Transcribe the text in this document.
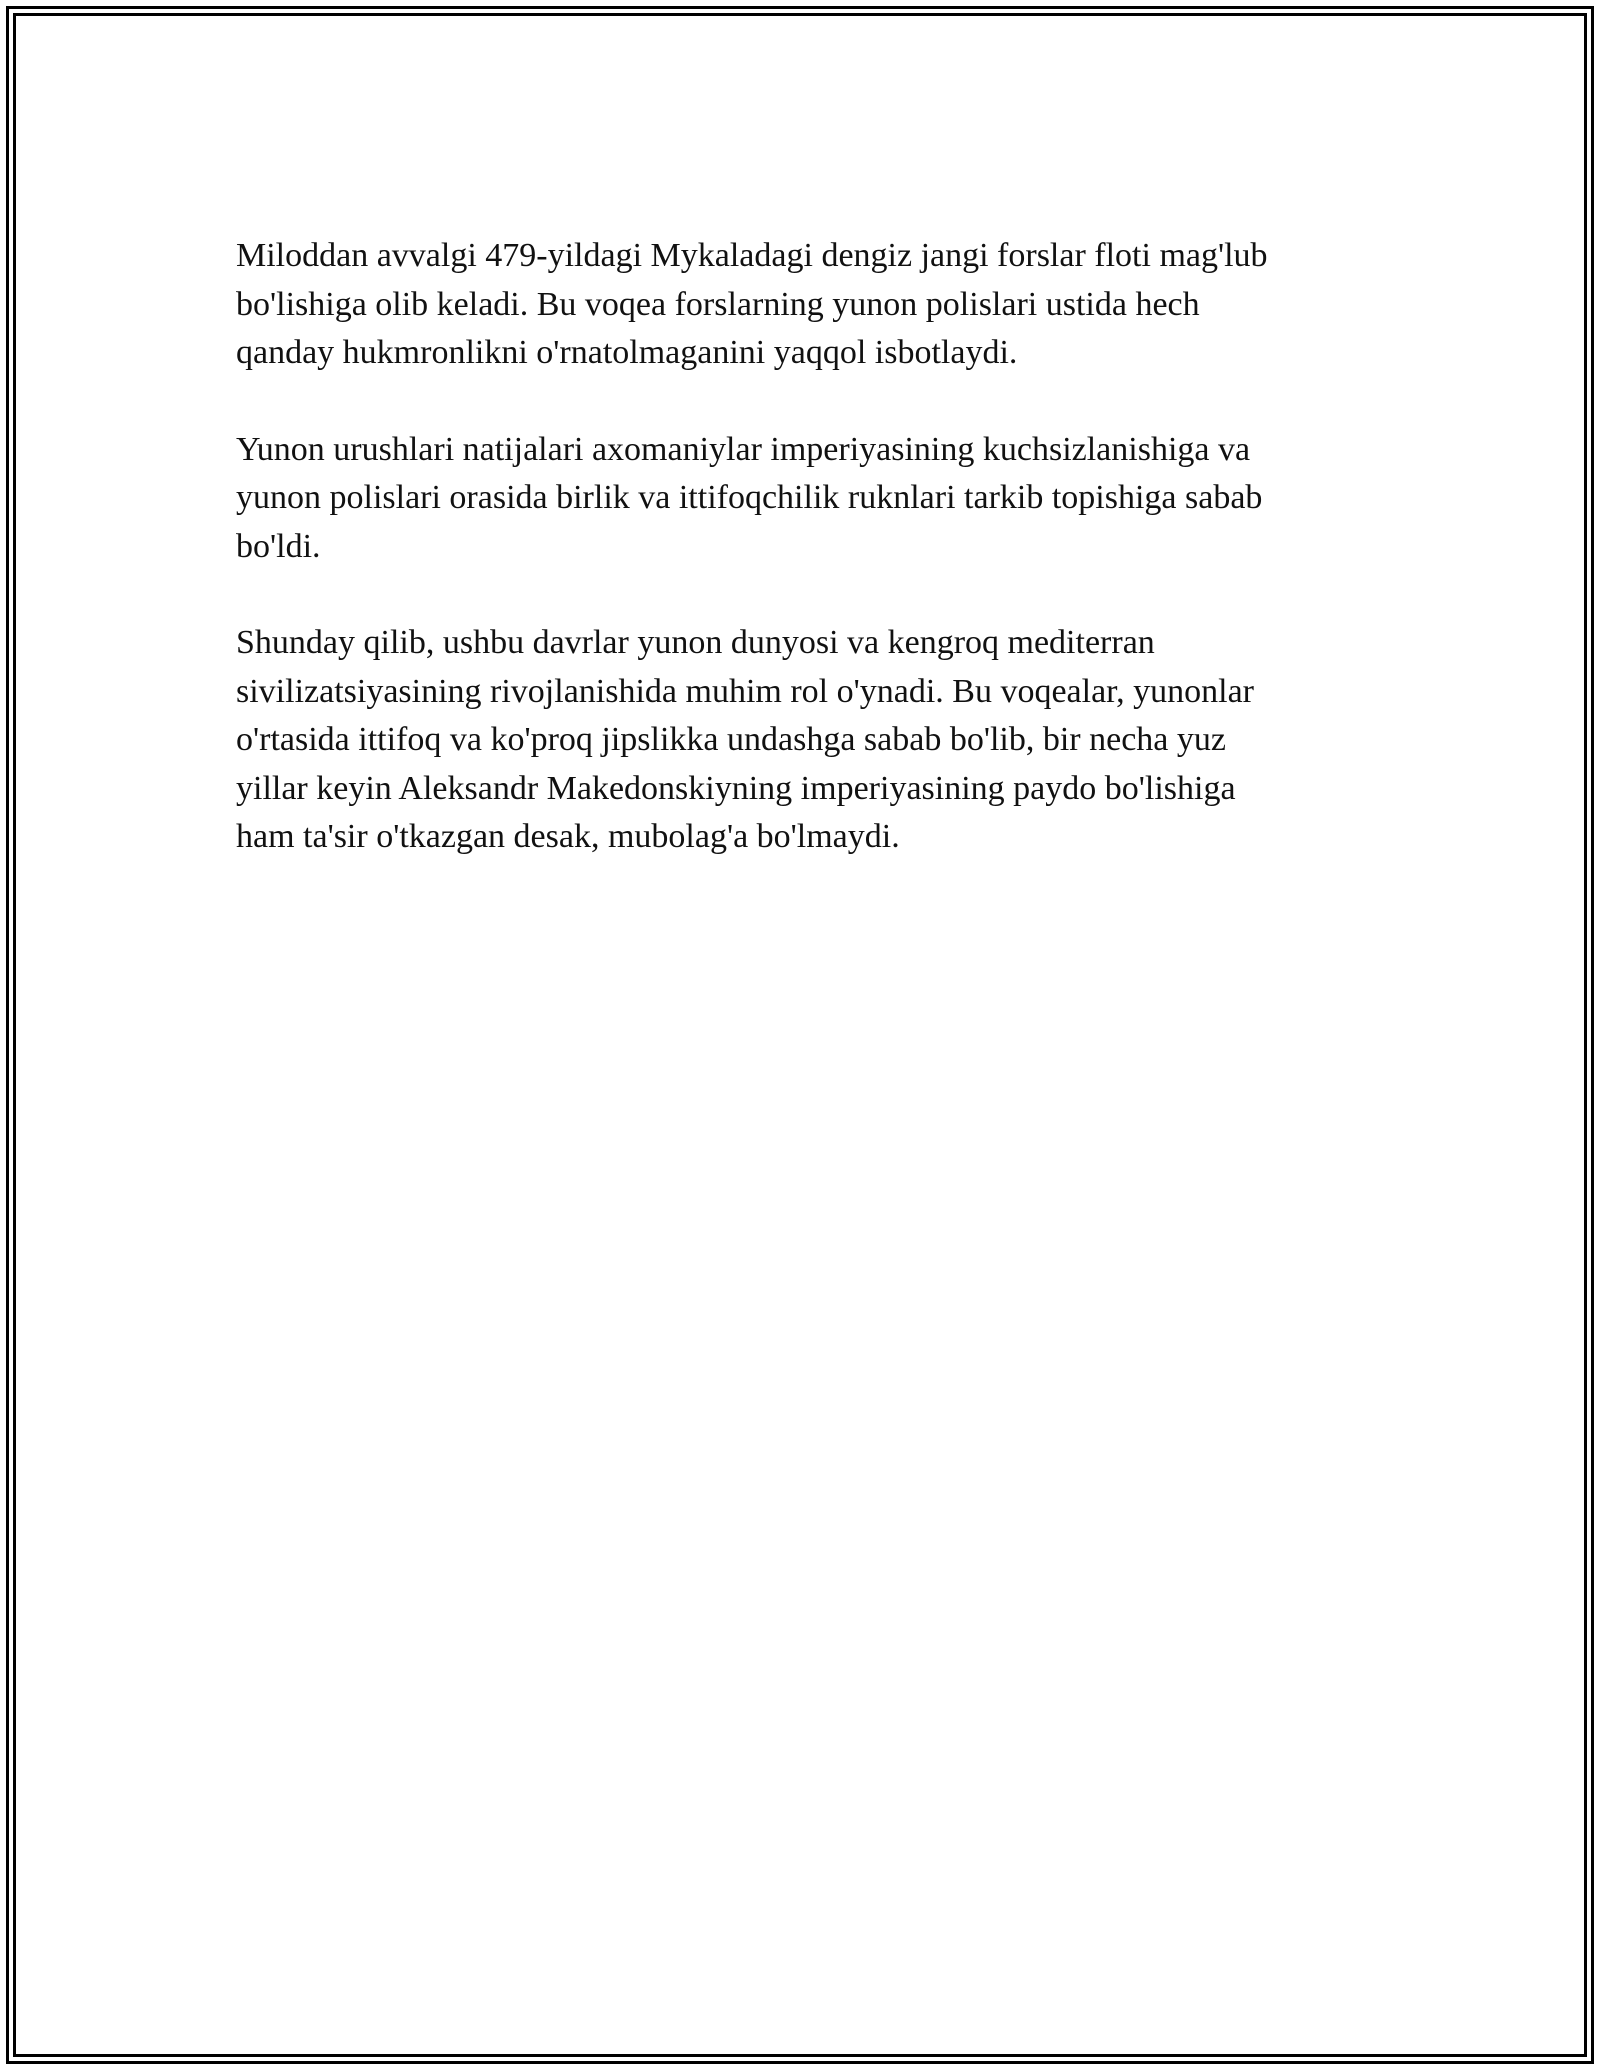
Miloddan avvalgi 479-yildagi Mykaladagi dengiz jangi forslar floti mag'lub
bo'lishiga olib keladi. Bu voqea forslarning yunon polislari ustida hech
qanday hukmronlikni o'rnatolmaganini yaqqol isbotlaydi.

Yunon urushlari natijalari axomaniylar imperiyasining kuchsizlanishiga va
yunon polislari orasida birlik va ittifoqchilik ruknlari tarkib topishiga sabab
bo'ldi.

Shunday qilib, ushbu davrlar yunon dunyosi va kengroq mediterran
sivilizatsiyasining rivojlanishida muhim rol o'ynadi. Bu voqealar, yunonlar
o'rtasida ittifoq va ko'proq jipslikka undashga sabab bo'lib, bir necha yuz
yillar keyin Aleksandr Makedonskiyning imperiyasining paydo bo'lishiga
ham ta'sir o'tkazgan desak, mubolag'a bo'lmaydi.
